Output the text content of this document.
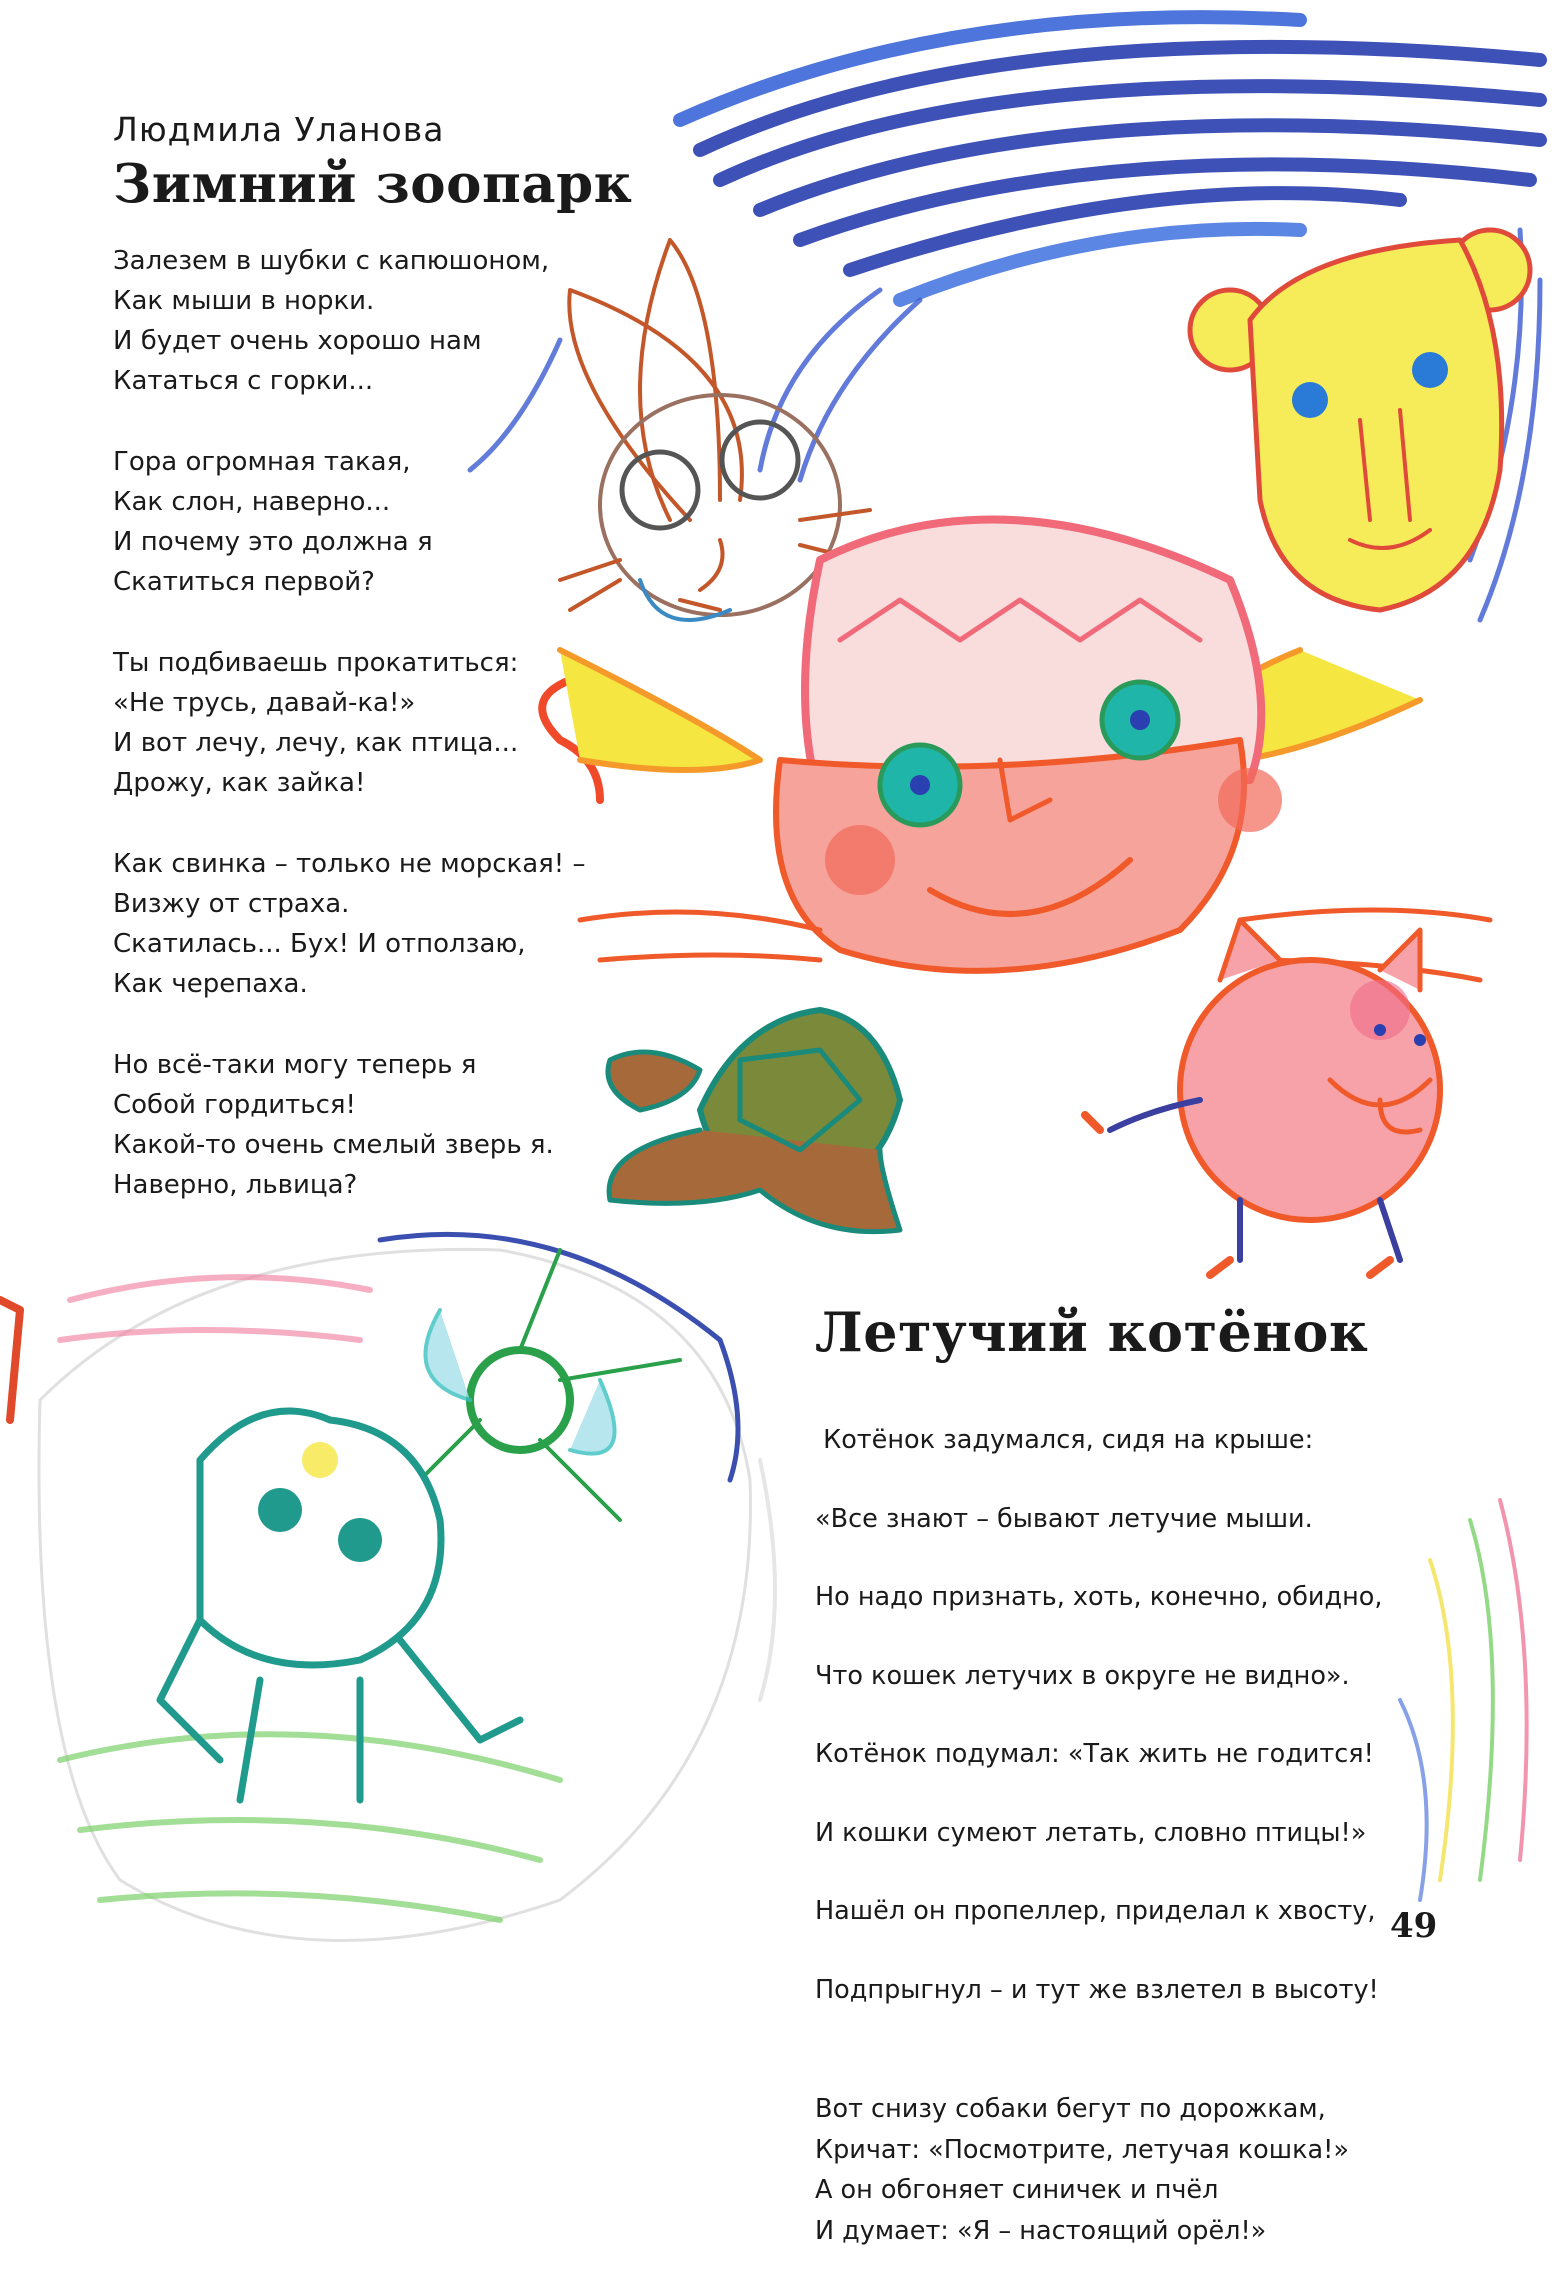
Людмила Уланова
Зимний зоопарк
Залезем в шубки с капюшоном,
Как мыши в норки.
И будет очень хорошо нам
Кататься с горки...
Гора огромная такая,
Как слон, наверно...
И почему это должна я
Скатиться первой?
Ты подбиваешь прокатиться:
«Не трусь, давай-ка!»
И вот лечу, лечу, как птица...
Дрожу, как зайка!
Как свинка – только не морская! –
Визжу от страха.
Скатилась... Бух! И отползаю,
Как черепаха.
Но всё-таки могу теперь я
Собой гордиться!
Какой-то очень смелый зверь я.
Наверно, львица?
Летучий котёнок

Котёнок задумался, сидя на крыше:

«Все знают – бывают летучие мыши.

Но надо признать, хоть, конечно, обидно,

Что кошек летучих в округе не видно».

Котёнок подумал: «Так жить не годится!

И кошки сумеют летать, словно птицы!»

Нашёл он пропеллер, приделал к хвосту,

Подпрыгнул – и тут же взлетел в высоту!

Вот снизу собаки бегут по дорожкам,
Кричат: «Посмотрите, летучая кошка!»
А он обгоняет синичек и пчёл
И думает: «Я – настоящий орёл!»
49
